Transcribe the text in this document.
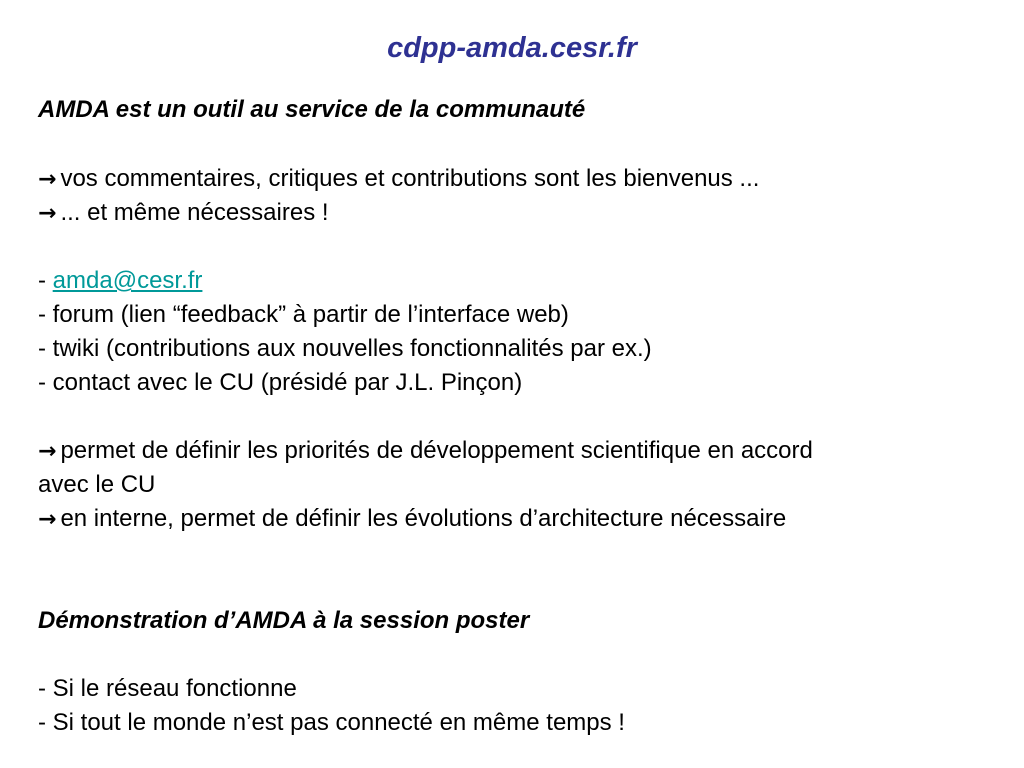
cdpp-amda.cesr.fr
AMDA est un outil au service de la communauté
→ vos commentaires, critiques et contributions sont les bienvenus ...
→ ... et même nécessaires !
- amda@cesr.fr
- forum (lien “feedback” à partir de l’interface web)
- twiki (contributions aux nouvelles fonctionnalités par ex.)
- contact avec le CU (présidé par J.L. Pinçon)
→ permet de définir les priorités de développement scientifique en accord
avec le CU
→ en interne, permet de définir les évolutions d’architecture nécessaire
Démonstration d’AMDA à la session poster
- Si le réseau fonctionne
- Si tout le monde n’est pas connecté en même temps !
